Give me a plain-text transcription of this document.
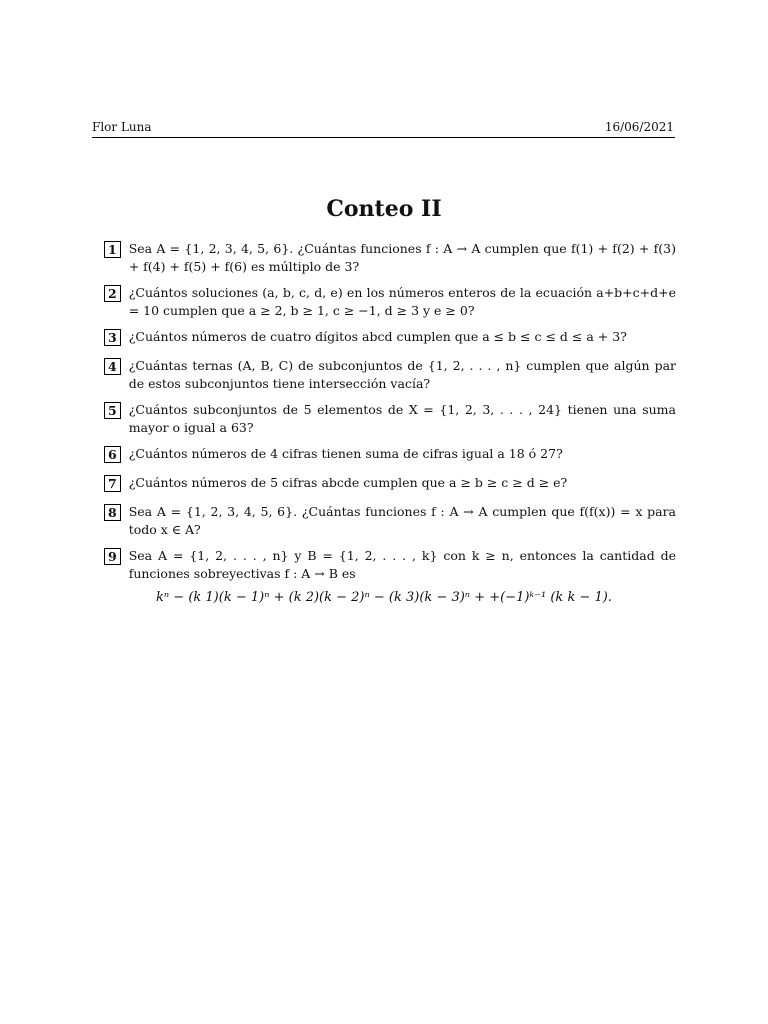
Flor Luna	16/06/2021
Conteo II
1 Sea A = {1, 2, 3, 4, 5, 6}. ¿Cuántas funciones f : A → A cumplen que f(1) + f(2) + f(3) + f(4) + f(5) + f(6) es múltiplo de 3?
2 ¿Cuántos soluciones (a, b, c, d, e) en los números enteros de la ecuación a+b+c+d+e = 10 cumplen que a ≥ 2, b ≥ 1, c ≥ −1, d ≥ 3 y e ≥ 0?
3 ¿Cuántos números de cuatro dígitos abcd cumplen que a ≤ b ≤ c ≤ d ≤ a + 3?
4 ¿Cuántas ternas (A, B, C) de subconjuntos de {1, 2, . . . , n} cumplen que algún par de estos subconjuntos tiene intersección vacía?
5 ¿Cuántos subconjuntos de 5 elementos de X = {1, 2, 3, . . . , 24} tienen una suma mayor o igual a 63?
6 ¿Cuántos números de 4 cifras tienen suma de cifras igual a 18 ó 27?
7 ¿Cuántos números de 5 cifras abcde cumplen que a ≥ b ≥ c ≥ d ≥ e?
8 Sea A = {1, 2, 3, 4, 5, 6}. ¿Cuántas funciones f : A → A cumplen que f(f(x)) = x para todo x ∈ A?
9 Sea A = {1, 2, . . . , n} y B = {1, 2, . . . , k} con k ≥ n, entonces la cantidad de funciones sobreyectivas f : A → B es
kⁿ − (k 1)(k − 1)ⁿ + (k 2)(k − 2)ⁿ − (k 3)(k − 3)ⁿ + +(−1)ᵏ⁻¹ (k k − 1).
